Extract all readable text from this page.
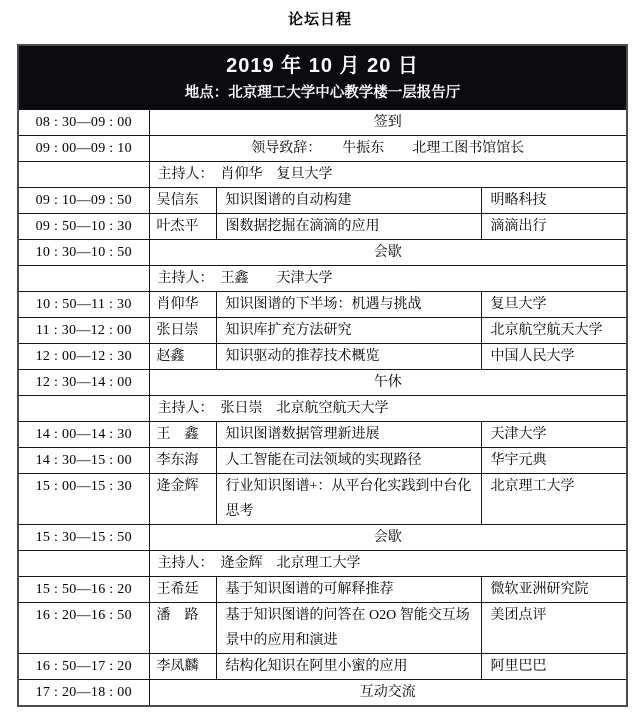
论坛日程
2019 年 10 月 20 日
地点：北京理工大学中心教学楼一层报告厅			

08 : 30—09 : 00	签到		
09 : 00—09 : 10	领导致辞：　　牛振东　　北理工图书馆馆长		
	主持人：　肖仰华　复旦大学		
09 : 10—09 : 50	吴信东	知识图谱的自动构建	明略科技
09 : 50—10 : 30	叶杰平	图数据挖掘在滴滴的应用	滴滴出行
10 : 30—10 : 50	会歇		
	主持人：　王鑫　　天津大学		
10 : 50—11 : 30	肖仰华	知识图谱的下半场：机遇与挑战	复旦大学
11 : 30—12 : 00	张日崇	知识库扩充方法研究	北京航空航天大学
12 : 00—12 : 30	赵鑫	知识驱动的推荐技术概览	中国人民大学
12 : 30—14 : 00	午休		
	主持人：　张日崇　北京航空航天大学		
14 : 00—14 : 30	王　鑫	知识图谱数据管理新进展	天津大学
14 : 30—15 : 00	李东海	人工智能在司法领域的实现路径	华宇元典
15 : 00—15 : 30	逄金辉	行业知识图谱+：从平台化实践到中台化思考	北京理工大学
15 : 30—15 : 50	会歇		
	主持人：　逄金辉　北京理工大学		
15 : 50—16 : 20	王希廷	基于知识图谱的可解释推荐	微软亚洲研究院
16 : 20—16 : 50	潘　路	基于知识图谱的问答在 O2O 智能交互场景中的应用和演进	美团点评
16 : 50—17 : 20	李凤麟	结构化知识在阿里小蜜的应用	阿里巴巴
17 : 20—18 : 00	互动交流		
